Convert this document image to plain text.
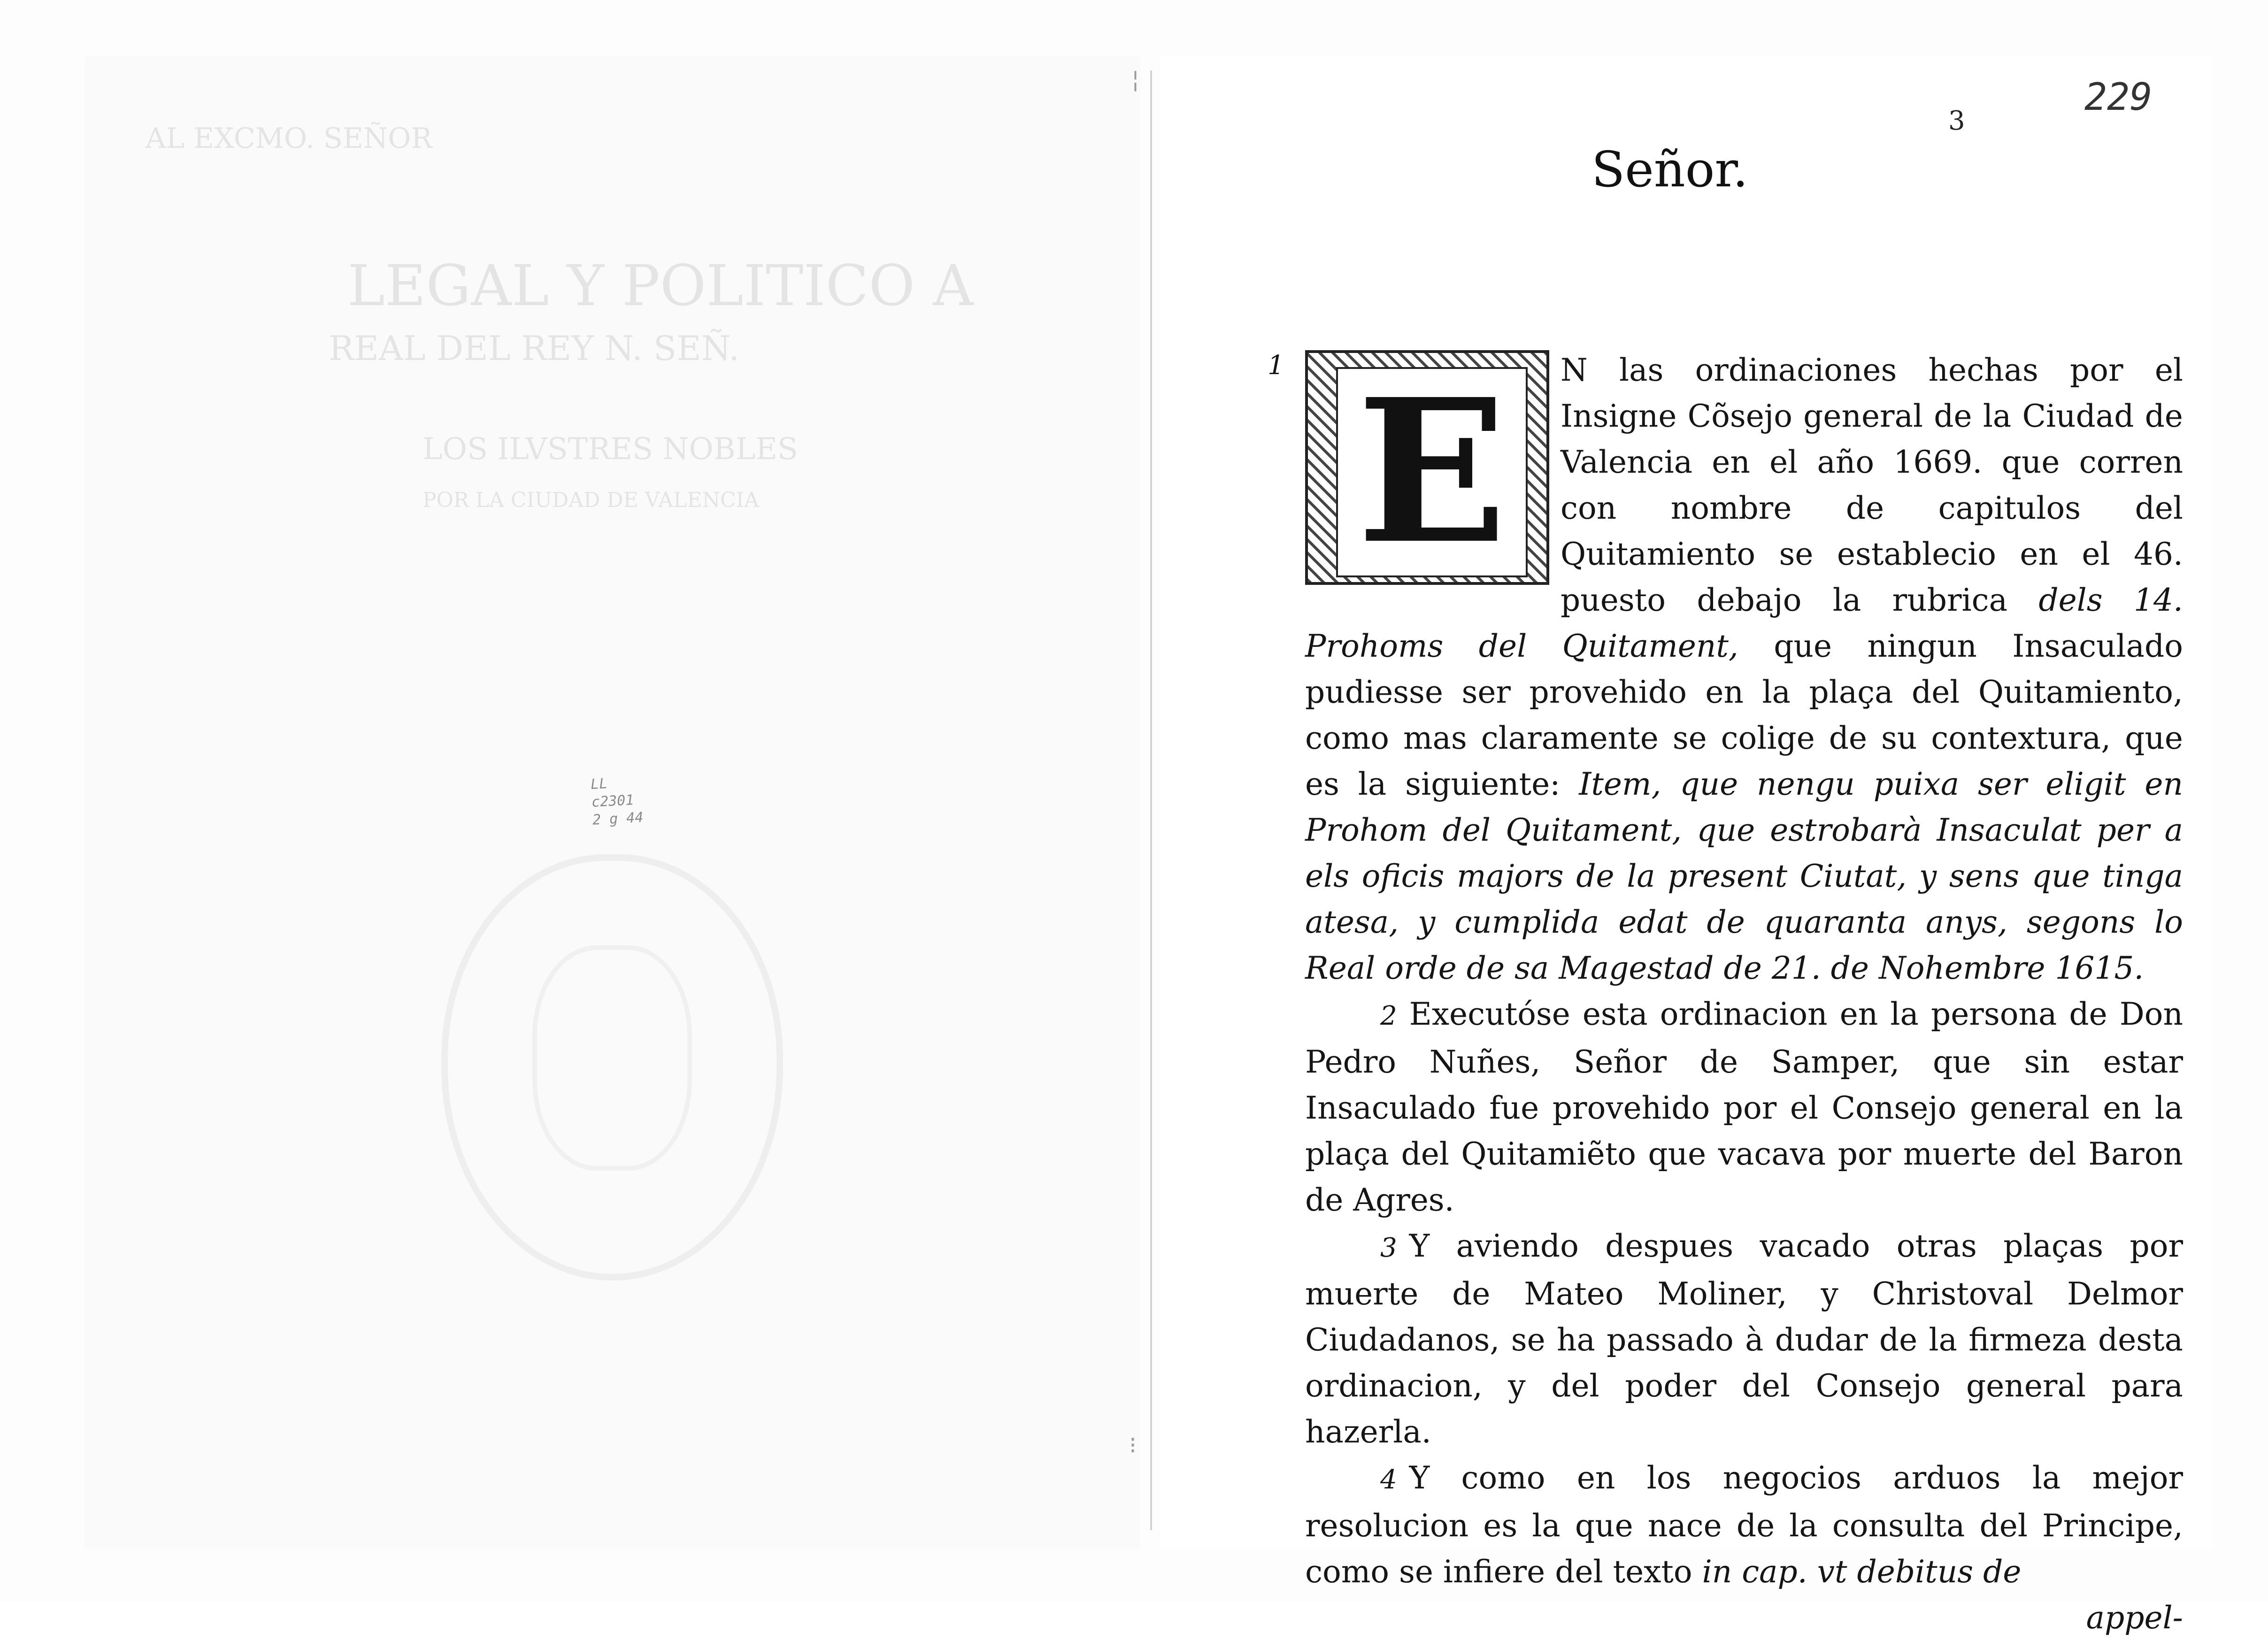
AL EXCMO. SEÑOR
LEGAL Y POLITICO A
REAL DEL REY N. SEÑ.
LOS ILVSTRES NOBLES
POR LA CIUDAD DE VALENCIA
LL
c2301
2 g 44
¦
⁝
229
3
Señor.

1 E	N las ordinaciones hechas por el Insigne Cõsejo general de la Ciudad de Valencia en el año 1669. que corren con nombre de capitulos del Quitamiento se establecio en el 46. puesto debajo la rubrica dels 14. Prohoms del Quitament, que ningun Insaculado pudiesse ser provehido en la plaça del Quitamiento, como mas claramente se colige de su contextura, que es la siguiente: Item, que nengu puixa ser eligit en Prohom del Quitament, que estrobarà Insaculat per a els oficis majors de la present Ciutat, y sens que tinga atesa, y cumplida edat de quaranta anys, segons lo Real orde de sa Magestad de 21. de Nohembre 1615.

2 Executóse esta ordinacion en la persona de Don Pedro Nuñes, Señor de Samper, que sin estar Insaculado fue provehido por el Consejo general en la plaça del Quitamiẽto que vacava por muerte del Baron de Agres.

3 Y aviendo despues vacado otras plaças por muerte de Mateo Moliner, y Christoval Delmor Ciudadanos, se ha passado à dudar de la firmeza desta ordinacion, y del poder del Consejo general para hazerla.

4 Y como en los negocios arduos la mejor resolucion es la que nace de la consulta del Principe, como se infiere del texto in cap. vt debitus de

appel-
